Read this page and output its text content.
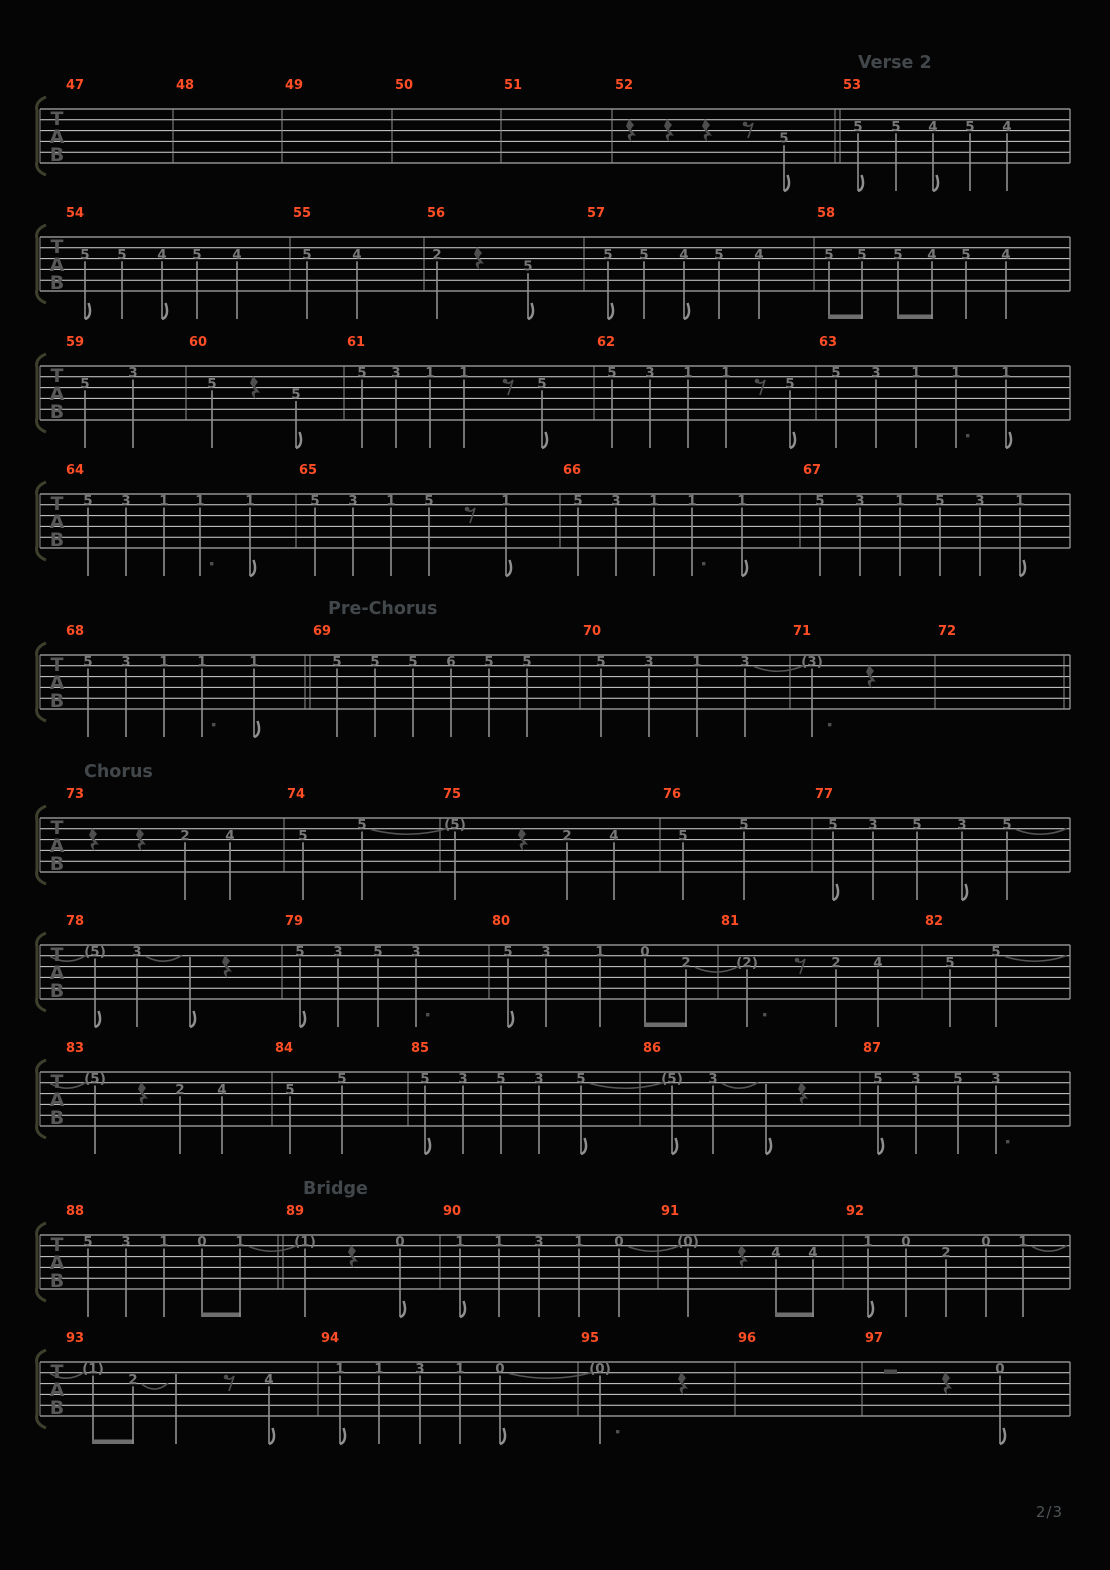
T
A
B
Verse 2
47	48	49	50	51	52
5
53
5 5 4 5 4
T
A
B
54
5 5 4 5 4
55
5	4
56
2
5
57
5 5 4 5 4
58
5 5 5 4 5 4
T
A
B
59
5
3
60
5
5
61
5 3 1 1
5
62
5 3 1 1
5
63
5 3 1 1	1
T
A
B
64
5 3 1 1	1
65
5 3 1 5	1
66
5 3 1 1	1
67
5 3 1 5 3 1
T
A
B
Pre-Chorus
68
5 3 1 1	1
69
5 5 5 6 5 5
70
5	3	1	3
71
(3)
72
T
A
B
Chorus
73
2	4
74
5
5
75
(5)
2	4
76
5
5
77
5 3	5	3	5
T
A
B
78
(5) 3
79
5 3 5 3
80
5 3	1	0
2
81
(2)	2 4
82
5
5
T
A
B
83
(5)
2 4
84
5
5
85
5 3 5 3 5
86
(5) 3
87
5 3 5 3
T
A
B
Bridge
88
5 3 1 0 1
89
(1)	0
90
1 1 3 1 0
91
(0)
4 4
92
1 0
2
0 1
T
A
B
93
(1)
2	4
94
1 1 3 1 0
95
(0)
96	97
0
2/3
